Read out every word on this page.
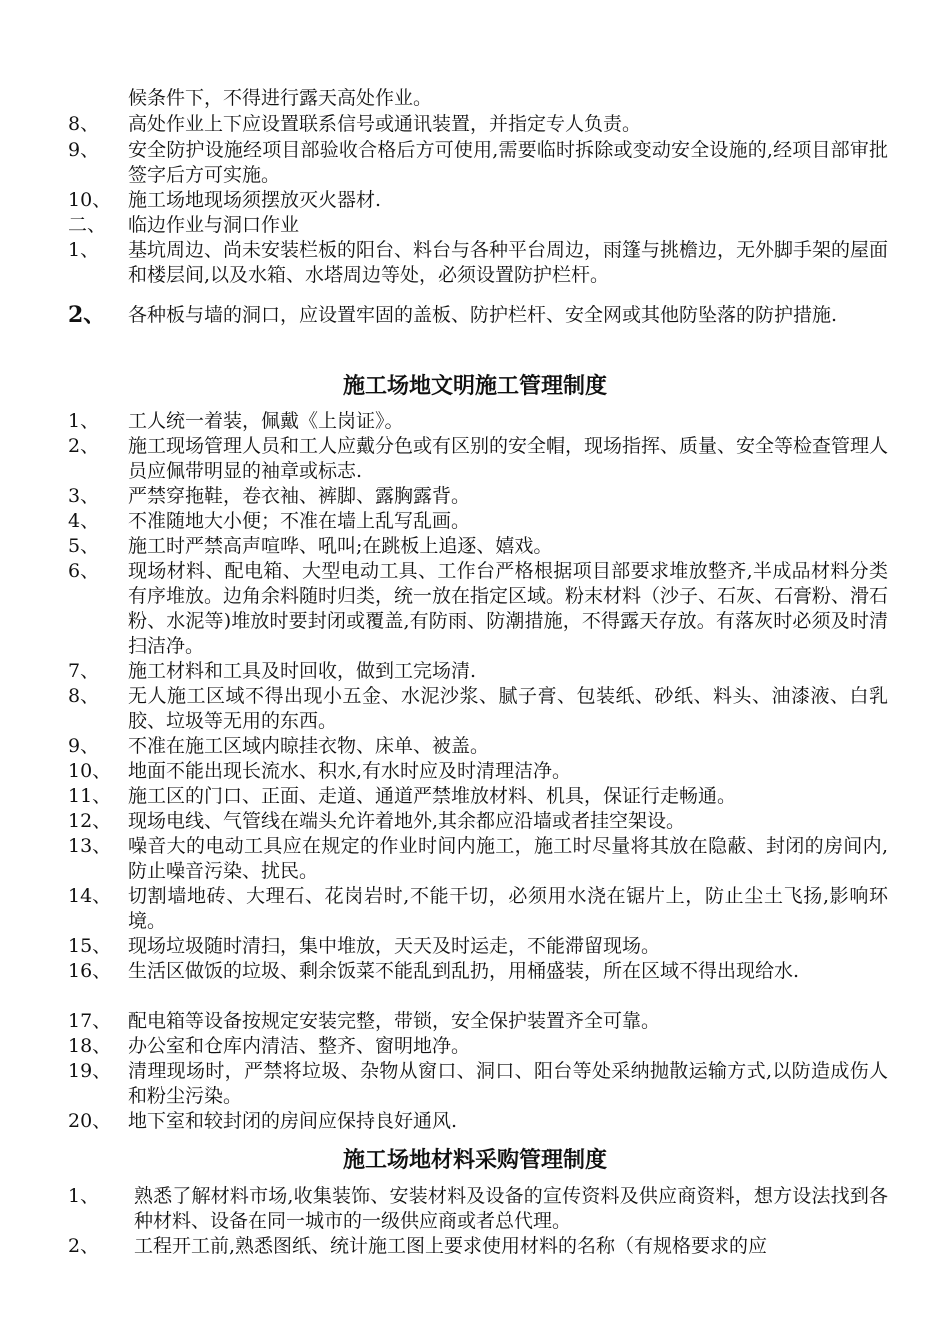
候条件下，不得进行露天高处作业。
8、 高处作业上下应设置联系信号或通讯装置，并指定专人负责。
9、 安全防护设施经项目部验收合格后方可使用,需要临时拆除或变动安全设施的,经项目部审批签字后方可实施。
10、 施工场地现场须摆放灭火器材.
二、 临边作业与洞口作业
1、 基坑周边、尚未安装栏板的阳台、料台与各种平台周边，雨篷与挑檐边，无外脚手架的屋面和楼层间,以及水箱、水塔周边等处，必须设置防护栏杆。
2、 各种板与墙的洞口，应设置牢固的盖板、防护栏杆、安全网或其他防坠落的防护措施.
施工场地文明施工管理制度
1、 工人统一着装，佩戴《上岗证》。
2、 施工现场管理人员和工人应戴分色或有区别的安全帽，现场指挥、质量、安全等检查管理人员应佩带明显的袖章或标志.
3、 严禁穿拖鞋，卷衣袖、裤脚、露胸露背。
4、 不准随地大小便；不准在墙上乱写乱画。
5、 施工时严禁高声喧哗、吼叫;在跳板上追逐、嬉戏。
6、 现场材料、配电箱、大型电动工具、工作台严格根据项目部要求堆放整齐,半成品材料分类有序堆放。边角余料随时归类，统一放在指定区域。粉末材料（沙子、石灰、石膏粉、滑石粉、水泥等)堆放时要封闭或覆盖,有防雨、防潮措施，不得露天存放。有落灰时必须及时清扫洁净。
7、 施工材料和工具及时回收，做到工完场清.
8、 无人施工区域不得出现小五金、水泥沙浆、腻子膏、包装纸、砂纸、料头、油漆液、白乳胶、垃圾等无用的东西。
9、 不准在施工区域内晾挂衣物、床单、被盖。
10、 地面不能出现长流水、积水,有水时应及时清理洁净。
11、 施工区的门口、正面、走道、通道严禁堆放材料、机具，保证行走畅通。
12、 现场电线、气管线在端头允许着地外,其余都应沿墙或者挂空架设。
13、 噪音大的电动工具应在规定的作业时间内施工，施工时尽量将其放在隐蔽、封闭的房间内,防止噪音污染、扰民。
14、 切割墙地砖、大理石、花岗岩时,不能干切，必须用水浇在锯片上，防止尘土飞扬,影响环境。
15、 现场垃圾随时清扫，集中堆放，天天及时运走，不能滞留现场。
16、 生活区做饭的垃圾、剩余饭菜不能乱到乱扔，用桶盛装，所在区域不得出现给水.
17、 配电箱等设备按规定安装完整，带锁，安全保护装置齐全可靠。
18、 办公室和仓库内清洁、整齐、窗明地净。
19、 清理现场时，严禁将垃圾、杂物从窗口、洞口、阳台等处采纳抛散运输方式,以防造成伤人和粉尘污染。
20、 地下室和较封闭的房间应保持良好通风.
施工场地材料采购管理制度
1、 熟悉了解材料市场,收集装饰、安装材料及设备的宣传资料及供应商资料，想方设法找到各种材料、设备在同一城市的一级供应商或者总代理。
2、 工程开工前,熟悉图纸、统计施工图上要求使用材料的名称（有规格要求的应
